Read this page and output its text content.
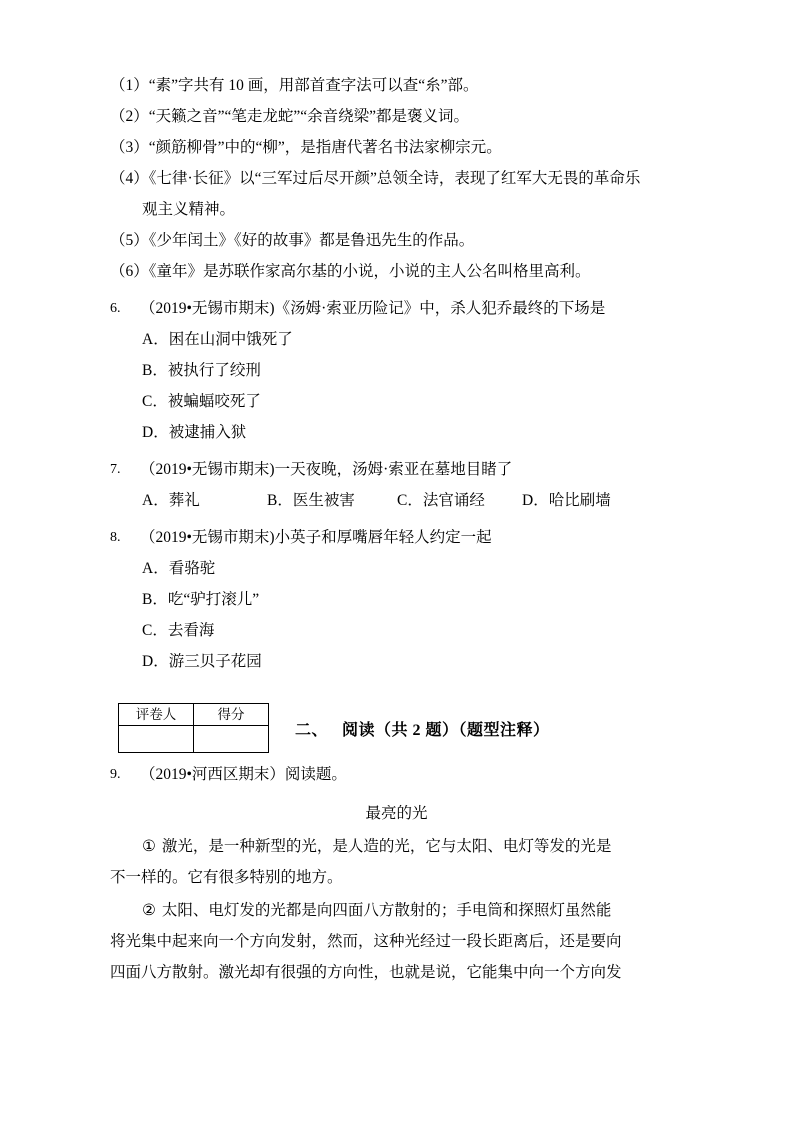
（1）“素”字共有 10 画，用部首查字法可以查“糸”部。
（2）“天籁之音”“笔走龙蛇”“余音绕梁”都是褒义词。
（3）“颜筋柳骨”中的“柳”，是指唐代著名书法家柳宗元。
（4）《七律·长征》以“三军过后尽开颜”总领全诗，表现了红军大无畏的革命乐
观主义精神。
（5）《少年闰土》《好的故事》都是鲁迅先生的作品。
（6）《童年》是苏联作家高尔基的小说，小说的主人公名叫格里高利。
6.	（2019•无锡市期末)《汤姆·索亚历险记》中，杀人犯乔最终的下场是
A．困在山洞中饿死了
B．被执行了绞刑
C．被蝙蝠咬死了
D．被逮捕入狱
7.	（2019•无锡市期末)一天夜晚，汤姆·索亚在墓地目睹了
A．葬礼	B．医生被害	C．法官诵经	D．哈比刷墙
8.	（2019•无锡市期末)小英子和厚嘴唇年轻人约定一起
A．看骆驼
B．吃“驴打滚儿”
C．去看海
D．游三贝子花园
评卷人	得分

二、 阅读（共 2 题）（题型注释）
9.	（2019•河西区期末）阅读题。
最亮的光
① 激光，是一种新型的光，是人造的光，它与太阳、电灯等发的光是
不一样的。它有很多特别的地方。
② 太阳、电灯发的光都是向四面八方散射的；手电筒和探照灯虽然能
将光集中起来向一个方向发射，然而，这种光经过一段长距离后，还是要向
四面八方散射。激光却有很强的方向性，也就是说，它能集中向一个方向发
